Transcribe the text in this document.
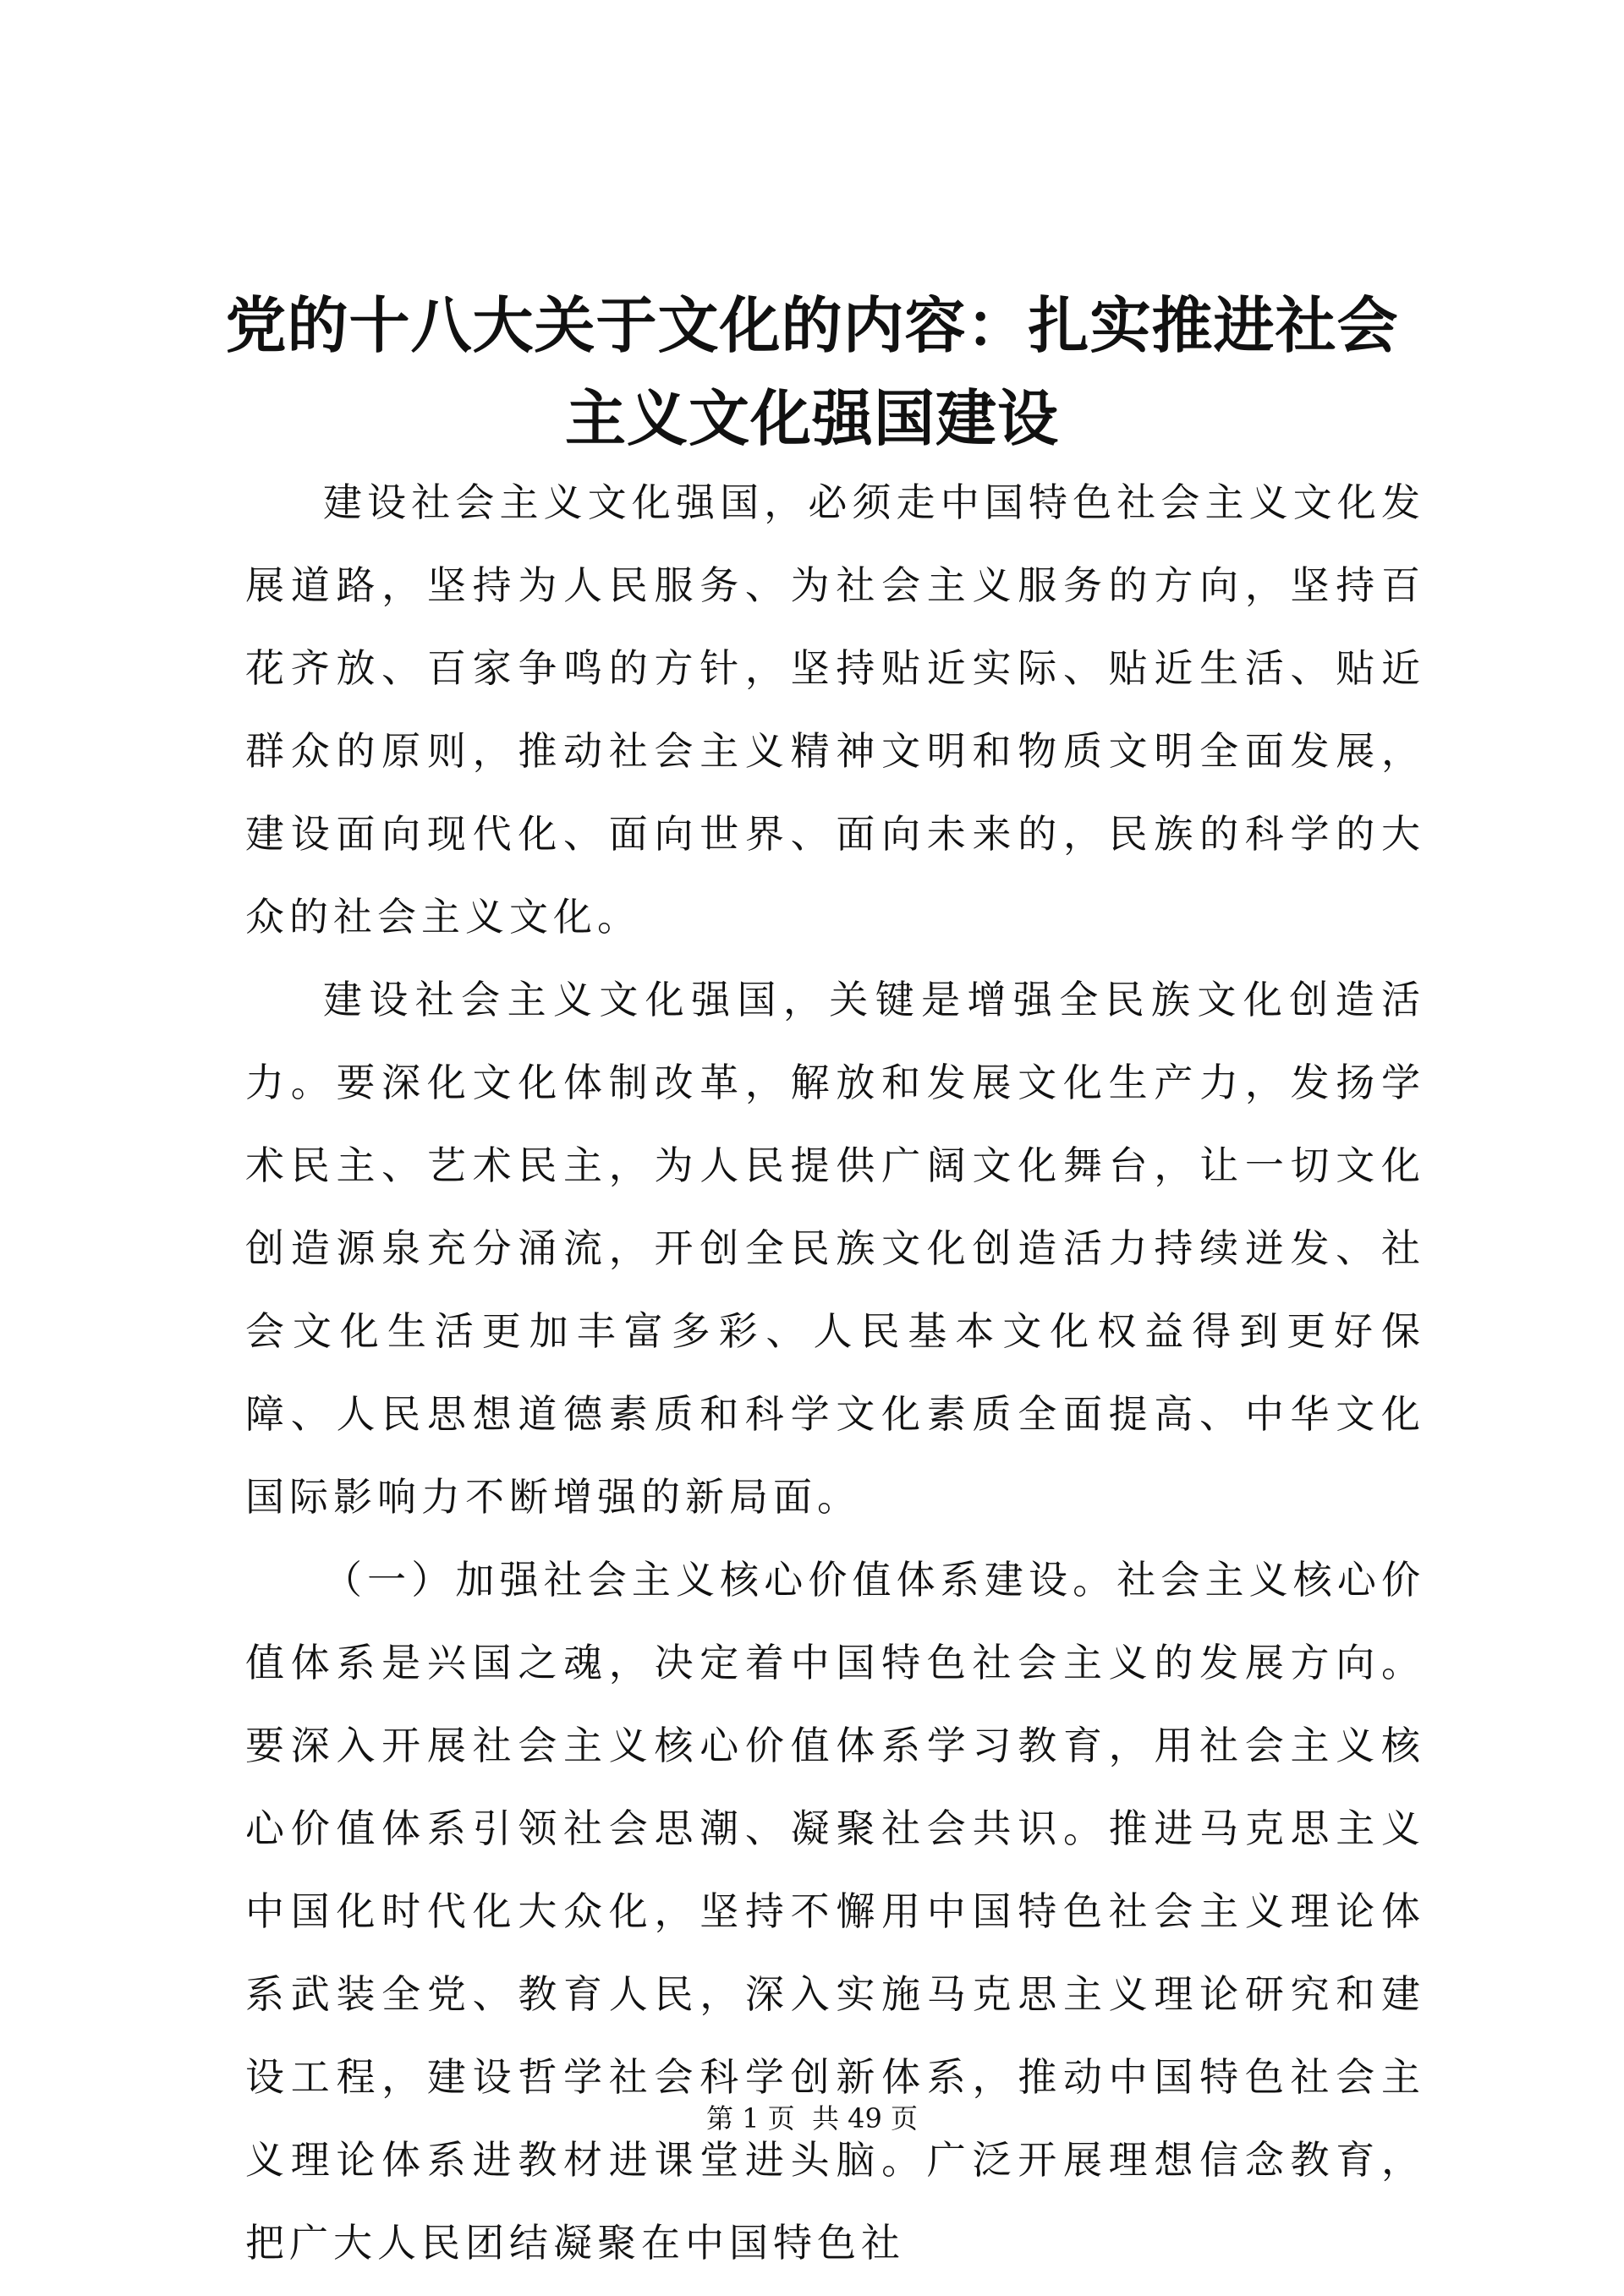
党的十八大关于文化的内容：扎实推进社会主义文化强国建设

建设社会主义文化强国，必须走中国特色社会主义文化发展道路，坚持为人民服务、为社会主义服务的方向，坚持百花齐放、百家争鸣的方针，坚持贴近实际、贴近生活、贴近群众的原则，推动社会主义精神文明和物质文明全面发展，建设面向现代化、面向世界、面向未来的，民族的科学的大众的社会主义文化。

建设社会主义文化强国，关键是增强全民族文化创造活力。要深化文化体制改革，解放和发展文化生产力，发扬学术民主、艺术民主，为人民提供广阔文化舞台，让一切文化创造源泉充分涌流，开创全民族文化创造活力持续迸发、社会文化生活更加丰富多彩、人民基本文化权益得到更好保障、人民思想道德素质和科学文化素质全面提高、中华文化国际影响力不断增强的新局面。

（一）加强社会主义核心价值体系建设。社会主义核心价值体系是兴国之魂，决定着中国特色社会主义的发展方向。要深入开展社会主义核心价值体系学习教育，用社会主义核心价值体系引领社会思潮、凝聚社会共识。推进马克思主义中国化时代化大众化，坚持不懈用中国特色社会主义理论体系武装全党、教育人民，深入实施马克思主义理论研究和建设工程，建设哲学社会科学创新体系，推动中国特色社会主义理论体系进教材进课堂进头脑。广泛开展理想信念教育，把广大人民团结凝聚在中国特色社

第 1 页  共 49 页
